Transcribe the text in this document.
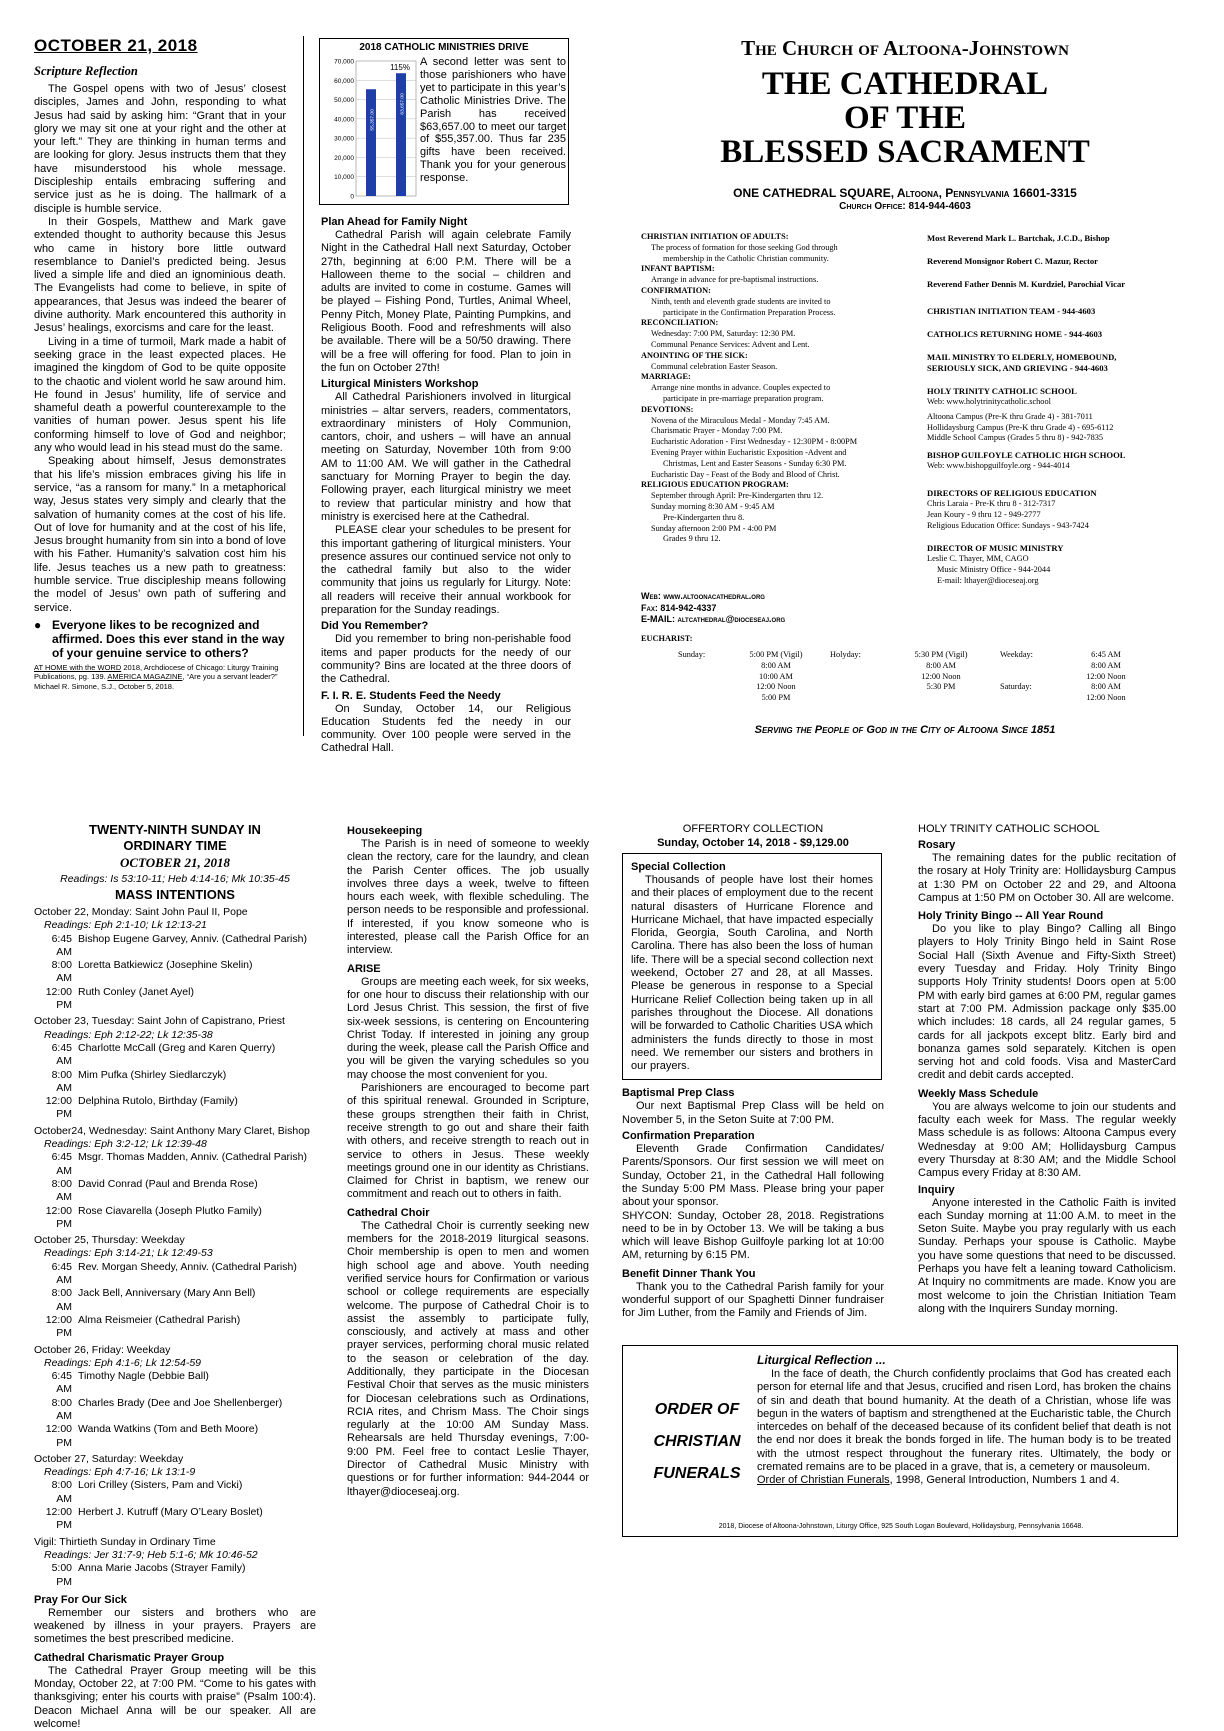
OCTOBER 21, 2018
Scripture Reflection

The Gospel opens with two of Jesus’ closest disciples, James and John, responding to what Jesus had said by asking him: “Grant that in your glory we may sit one at your right and the other at your left.” They are thinking in human terms and are looking for glory. Jesus instructs them that they have misunderstood his whole message. Discipleship entails embracing suffering and service just as he is doing. The hallmark of a disciple is humble service.

In their Gospels, Matthew and Mark gave extended thought to authority because this Jesus who came in history bore little outward resemblance to Daniel’s predicted being. Jesus lived a simple life and died an ignominious death. The Evangelists had come to believe, in spite of appearances, that Jesus was indeed the bearer of divine authority. Mark encountered this authority in Jesus’ healings, exorcisms and care for the least.

Living in a time of turmoil, Mark made a habit of seeking grace in the least expected places. He imagined the kingdom of God to be quite opposite to the chaotic and violent world he saw around him. He found in Jesus’ humility, life of service and shameful death a powerful counterexample to the vanities of human power. Jesus spent his life conforming himself to love of God and neighbor; any who would lead in his stead must do the same.

Speaking about himself, Jesus demonstrates that his life’s mission embraces giving his life in service, “as a ransom for many.” In a metaphorical way, Jesus states very simply and clearly that the salvation of humanity comes at the cost of his life. Out of love for humanity and at the cost of his life, Jesus brought humanity from sin into a bond of love with his Father. Humanity’s salvation cost him his life. Jesus teaches us a new path to greatness: humble service. True discipleship means following the model of Jesus’ own path of suffering and service.

● Everyone likes to be recognized and affirmed. Does this ever stand in the way of your genuine service to others?
AT HOME with the WORD 2018, Archdiocese of Chicago: Liturgy Training Publications, pg. 139. AMERICA MAGAZINE, “Are you a servant leader?” Michael R. Simone, S.J., October 5, 2018.
2018 CATHOLIC MINISTRIES DRIVE
70,000
60,000
50,000
40,000
30,000
20,000
10,000
0
55,357.00
63,657.00
115% A second letter was sent to those parishioners who have yet to participate in this year’s Catholic Ministries Drive. The Parish has received $63,657.00 to meet our target of $55,357.00. Thus far 235 gifts have been received. Thank you for your generous response.
Plan Ahead for Family Night

Cathedral Parish will again celebrate Family Night in the Cathedral Hall next Saturday, October 27th, beginning at 6:00 P.M. There will be a Halloween theme to the social – children and adults are invited to come in costume. Games will be played – Fishing Pond, Turtles, Animal Wheel, Penny Pitch, Money Plate, Painting Pumpkins, and Religious Booth. Food and refreshments will also be available. There will be a 50/50 drawing. There will be a free will offering for food. Plan to join in the fun on October 27th!

Liturgical Ministers Workshop

All Cathedral Parishioners involved in liturgical ministries – altar servers, readers, commentators, extraordinary ministers of Holy Communion, cantors, choir, and ushers – will have an annual meeting on Saturday, November 10th from 9:00 AM to 11:00 AM. We will gather in the Cathedral sanctuary for Morning Prayer to begin the day. Following prayer, each liturgical ministry we meet to review that particular ministry and how that ministry is exercised here at the Cathedral.

PLEASE clear your schedules to be present for this important gathering of liturgical ministers. Your presence assures our continued service not only to the cathedral family but also to the wider community that joins us regularly for Liturgy. Note: all readers will receive their annual workbook for preparation for the Sunday readings.

Did You Remember?

Did you remember to bring non-perishable food items and paper products for the needy of our community? Bins are located at the three doors of the Cathedral.

F. I. R. E. Students Feed the Needy

On Sunday, October 14, our Religious Education Students fed the needy in our community. Over 100 people were served in the Cathedral Hall.

The Church of Altoona-Johnstown
THE CATHEDRAL
OF THE
BLESSED SACRAMENT
ONE CATHEDRAL SQUARE, Altoona, Pennsylvania 16601-3315
Church Office: 814-944-4603
CHRISTIAN INITIATION OF ADULTS:
The process of formation for those seeking God through
membership in the Catholic Christian community.
INFANT BAPTISM:
Arrange in advance for pre-baptismal instructions.
CONFIRMATION:
Ninth, tenth and eleventh grade students are invited to
participate in the Confirmation Preparation Process.
RECONCILIATION:
Wednesday: 7:00 PM, Saturday: 12:30 PM.
Communal Penance Services: Advent and Lent.
ANOINTING OF THE SICK:
Communal celebration Easter Season.
MARRIAGE:
Arrange nine months in advance. Couples expected to
participate in pre-marriage preparation program.
DEVOTIONS:
Novena of the Miraculous Medal - Monday 7:45 AM.
Charismatic Prayer - Monday 7:00 PM.
Eucharistic Adoration - First Wednesday - 12:30PM - 8:00PM
Evening Prayer within Eucharistic Exposition -Advent and
Christmas, Lent and Easter Seasons - Sunday 6:30 PM.
Eucharistic Day - Feast of the Body and Blood of Christ.
RELIGIOUS EDUCATION PROGRAM:
September through April: Pre-Kindergarten thru 12.
Sunday morning 8:30 AM - 9:45 AM
Pre-Kindergarten thru 8.
Sunday afternoon 2:00 PM - 4:00 PM
Grades 9 thru 12.
Web: www.altoonacathedral.org
Fax: 814-942-4337
E-MAIL: altcathedral@dioceseaj.org
EUCHARIST:
Sunday:	5:00 PM (Vigil)	Holyday:	5:30 PM (Vigil)	Weekday:	6:45 AM
	8:00 AM		8:00 AM		8:00 AM
	10:00 AM		12:00 Noon		12:00 Noon
	12:00 Noon		5:30 PM	Saturday:	8:00 AM
	5:00 PM				12:00 Noon
Most Reverend Mark L. Bartchak, J.C.D., Bishop
Reverend Monsignor Robert C. Mazur, Rector
Reverend Father Dennis M. Kurdziel, Parochial Vicar
CHRISTIAN INITIATION TEAM - 944-4603
CATHOLICS RETURNING HOME - 944-4603
MAIL MINISTRY TO ELDERLY, HOMEBOUND,
SERIOUSLY SICK, AND GRIEVING - 944-4603
HOLY TRINITY CATHOLIC SCHOOL
Web: www.holytrinitycatholic.school
Altoona Campus (Pre-K thru Grade 4) - 381-7011
Hollidaysburg Campus (Pre-K thru Grade 4) - 695-6112
Middle School Campus (Grades 5 thru 8) - 942-7835
BISHOP GUILFOYLE CATHOLIC HIGH SCHOOL
Web: www.bishopguilfoyle.org - 944-4014
DIRECTORS OF RELIGIOUS EDUCATION
Chris Laraia - Pre-K thru 8 - 312-7317
Jean Koury - 9 thru 12 - 949-2777
Religious Education Office: Sundays - 943-7424
DIRECTOR OF MUSIC MINISTRY
Leslie C. Thayer, MM, CAGO
Music Ministry Office - 944-2044
E-mail: lthayer@dioceseaj.org
Serving the People of God in the City of Altoona Since 1851
TWENTY-NINTH SUNDAY IN
ORDINARY TIME
OCTOBER 21, 2018
Readings: Is 53:10-11; Heb 4:14-16; Mk 10:35-45
MASS INTENTIONS
October 22, Monday: Saint John Paul II, Pope
Readings: Eph 2:1-10; Lk 12:13-21
6:45 AM
Bishop Eugene Garvey, Anniv. (Cathedral Parish)
8:00 AM
Loretta Batkiewicz (Josephine Skelin)
12:00 PM
Ruth Conley (Janet Ayel)
October 23, Tuesday: Saint John of Capistrano, Priest
Readings: Eph 2:12-22; Lk 12:35-38
6:45 AM
Charlotte McCall (Greg and Karen Querry)
8:00 AM
Mim Pufka (Shirley Siedlarczyk)
12:00 PM
Delphina Rutolo, Birthday (Family)
October24, Wednesday: Saint Anthony Mary Claret, Bishop
Readings: Eph 3:2-12; Lk 12:39-48
6:45 AM
Msgr. Thomas Madden, Anniv. (Cathedral Parish)
8:00 AM
David Conrad (Paul and Brenda Rose)
12:00 PM
Rose Ciavarella (Joseph Plutko Family)
October 25, Thursday: Weekday
Readings: Eph 3:14-21; Lk 12:49-53
6:45 AM
Rev. Morgan Sheedy, Anniv. (Cathedral Parish)
8:00 AM
Jack Bell, Anniversary (Mary Ann Bell)
12:00 PM
Alma Reismeier (Cathedral Parish)
October 26, Friday: Weekday
Readings: Eph 4:1-6; Lk 12:54-59
6:45 AM
Timothy Nagle (Debbie Ball)
8:00 AM
Charles Brady (Dee and Joe Shellenberger)
12:00 PM
Wanda Watkins (Tom and Beth Moore)
October 27, Saturday: Weekday
Readings: Eph 4:7-16; Lk 13:1-9
8:00 AM
Lori Crilley (Sisters, Pam and Vicki)
12:00 PM
Herbert J. Kutruff (Mary O’Leary Boslet)
Vigil: Thirtieth Sunday in Ordinary Time
Readings: Jer 31:7-9; Heb 5:1-6; Mk 10:46-52
5:00 PM
Anna Marie Jacobs (Strayer Family)
Pray For Our Sick

Remember our sisters and brothers who are weakened by illness in your prayers. Prayers are sometimes the best prescribed medicine.

Cathedral Charismatic Prayer Group

The Cathedral Prayer Group meeting will be this Monday, October 22, at 7:00 PM. “Come to his gates with thanksgiving; enter his courts with praise” (Psalm 100:4). Deacon Michael Anna will be our speaker. All are welcome!

Housekeeping

The Parish is in need of someone to weekly clean the rectory, care for the laundry, and clean the Parish Center offices. The job usually involves three days a week, twelve to fifteen hours each week, with flexible scheduling. The person needs to be responsible and professional. If interested, if you know someone who is interested, please call the Parish Office for an interview.

ARISE

Groups are meeting each week, for six weeks, for one hour to discuss their relationship with our Lord Jesus Christ. This session, the first of five six-week sessions, is centering on Encountering Christ Today. If interested in joining any group during the week, please call the Parish Office and you will be given the varying schedules so you may choose the most convenient for you.

Parishioners are encouraged to become part of this spiritual renewal. Grounded in Scripture, these groups strengthen their faith in Christ, receive strength to go out and share their faith with others, and receive strength to reach out in service to others in Jesus. These weekly meetings ground one in our identity as Christians. Claimed for Christ in baptism, we renew our commitment and reach out to others in faith.

Cathedral Choir

The Cathedral Choir is currently seeking new members for the 2018-2019 liturgical seasons. Choir membership is open to men and women high school age and above. Youth needing verified service hours for Confirmation or various school or college requirements are especially welcome. The purpose of Cathedral Choir is to assist the assembly to participate fully, consciously, and actively at mass and other prayer services, performing choral music related to the season or celebration of the day. Additionally, they participate in the Diocesan Festival Choir that serves as the music ministers for Diocesan celebrations such as Ordinations, RCIA rites, and Chrism Mass. The Choir sings regularly at the 10:00 AM Sunday Mass. Rehearsals are held Thursday evenings, 7:00-9:00 PM. Feel free to contact Leslie Thayer, Director of Cathedral Music Ministry with questions or for further information: 944-2044 or lthayer@dioceseaj.org.

OFFERTORY COLLECTION
Sunday, October 14, 2018 - $9,129.00
Special Collection

Thousands of people have lost their homes and their places of employment due to the recent natural disasters of Hurricane Florence and Hurricane Michael, that have impacted especially Florida, Georgia, South Carolina, and North Carolina. There has also been the loss of human life. There will be a special second collection next weekend, October 27 and 28, at all Masses. Please be generous in response to a Special Hurricane Relief Collection being taken up in all parishes throughout the Diocese. All donations will be forwarded to Catholic Charities USA which administers the funds directly to those in most need. We remember our sisters and brothers in our prayers.

Baptismal Prep Class

Our next Baptismal Prep Class will be held on November 5, in the Seton Suite at 7:00 PM.

Confirmation Preparation

Eleventh Grade Confirmation Candidates/ Parents/Sponsors. Our first session we will meet on Sunday, October 21, in the Cathedral Hall following the Sunday 5:00 PM Mass. Please bring your paper about your sponsor.

SHYCON: Sunday, October 28, 2018. Registrations need to be in by October 13. We will be taking a bus which will leave Bishop Guilfoyle parking lot at 10:00 AM, returning by 6:15 PM.

Benefit Dinner Thank You

Thank you to the Cathedral Parish family for your wonderful support of our Spaghetti Dinner fundraiser for Jim Luther, from the Family and Friends of Jim.

HOLY TRINITY CATHOLIC SCHOOL
Rosary

The remaining dates for the public recitation of the rosary at Holy Trinity are: Hollidaysburg Campus at 1:30 PM on October 22 and 29, and Altoona Campus at 1:50 PM on October 30. All are welcome.

Holy Trinity Bingo -- All Year Round

Do you like to play Bingo? Calling all Bingo players to Holy Trinity Bingo held in Saint Rose Social Hall (Sixth Avenue and Fifty-Sixth Street) every Tuesday and Friday. Holy Trinity Bingo supports Holy Trinity students! Doors open at 5:00 PM with early bird games at 6:00 PM, regular games start at 7:00 PM. Admission package only $35.00 which includes: 18 cards, all 24 regular games, 5 cards for all jackpots except blitz. Early bird and bonanza games sold separately. Kitchen is open serving hot and cold foods. Visa and MasterCard credit and debit cards accepted.

Weekly Mass Schedule

You are always welcome to join our students and faculty each week for Mass. The regular weekly Mass schedule is as follows: Altoona Campus every Wednesday at 9:00 AM; Hollidaysburg Campus every Thursday at 8:30 AM; and the Middle School Campus every Friday at 8:30 AM.

Inquiry

Anyone interested in the Catholic Faith is invited each Sunday morning at 11:00 A.M. to meet in the Seton Suite. Maybe you pray regularly with us each Sunday. Perhaps your spouse is Catholic. Maybe you have some questions that need to be discussed. Perhaps you have felt a leaning toward Catholicism. At Inquiry no commitments are made. Know you are most welcome to join the Christian Initiation Team along with the Inquirers Sunday morning.

ORDER OF
CHRISTIAN
FUNERALS
Liturgical Reflection ...

In the face of death, the Church confidently proclaims that God has created each person for eternal life and that Jesus, crucified and risen Lord, has broken the chains of sin and death that bound humanity. At the death of a Christian, whose life was begun in the waters of baptism and strengthened at the Eucharistic table, the Church intercedes on behalf of the deceased because of its confident belief that death is not the end nor does it break the bonds forged in life. The human body is to be treated with the utmost respect throughout the funerary rites. Ultimately, the body or cremated remains are to be placed in a grave, that is, a cemetery or mausoleum.

Order of Christian Funerals, 1998, General Introduction, Numbers 1 and 4.
2018, Diocese of Altoona-Johnstown, Liturgy Office, 925 South Logan Boulevard, Hollidaysburg, Pennsylvania 16648.
